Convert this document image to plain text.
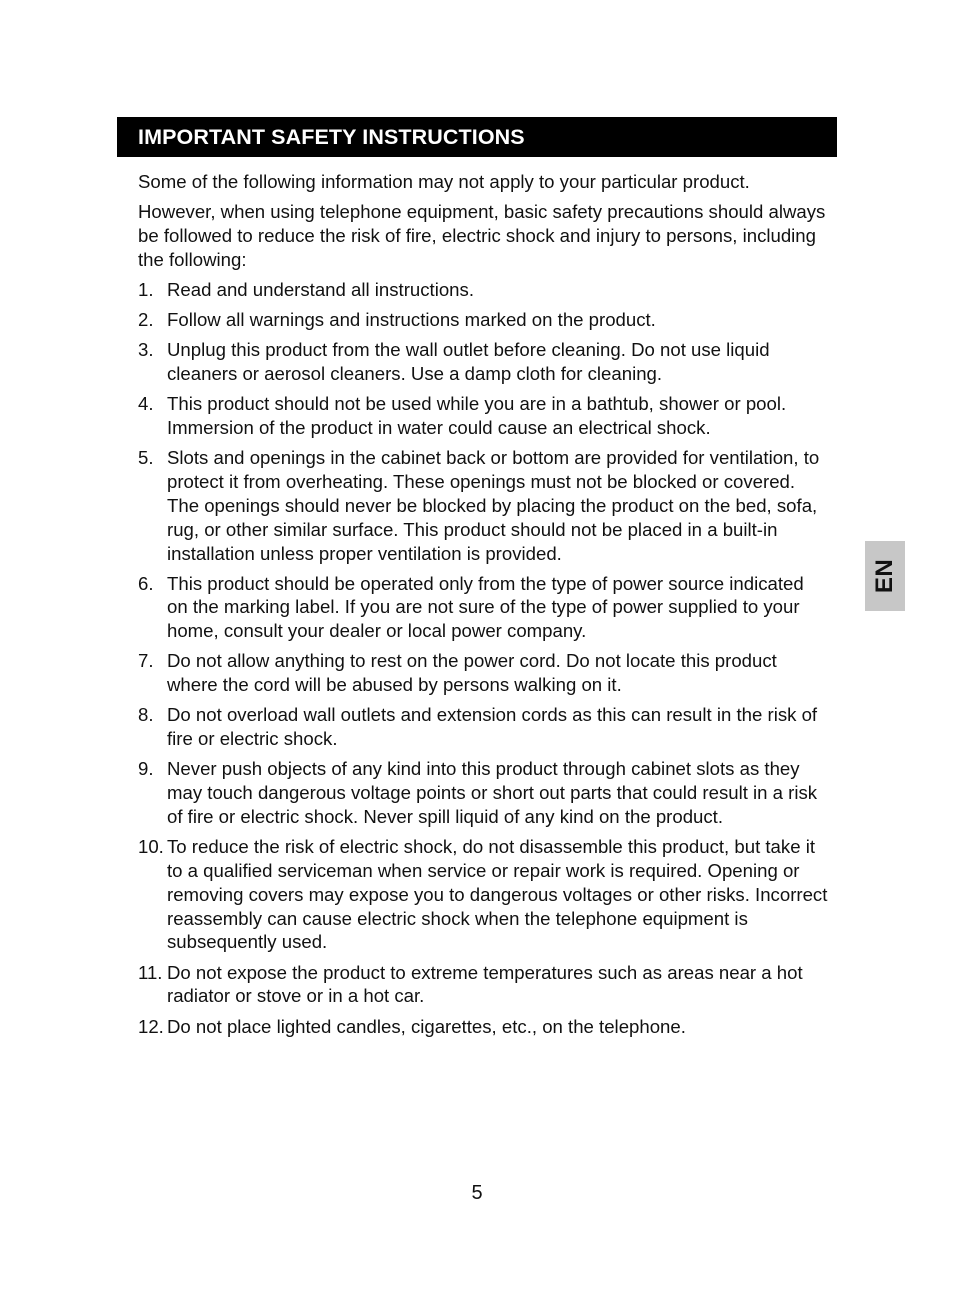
IMPORTANT SAFETY INSTRUCTIONS

Some of the following information may not apply to your particular product.

However, when using telephone equipment, basic safety precautions should always be followed to reduce the risk of fire, electric shock and injury to persons, including the following:

1. Read and understand all instructions.
2. Follow all warnings and instructions marked on the product.
3. Unplug this product from the wall outlet before cleaning. Do not use liquid cleaners or aerosol cleaners. Use a damp cloth for cleaning.
4. This product should not be used while you are in a bathtub, shower or pool. Immersion of the product in water could cause an electrical shock.
5. Slots and openings in the cabinet back or bottom are provided for ventilation, to protect it from overheating. These openings must not be blocked or covered. The openings should never be blocked by placing the product on the bed, sofa, rug, or other similar surface. This product should not be placed in a built-in installation unless proper ventilation is provided.
6. This product should be operated only from the type of power source indicated on the marking label. If you are not sure of the type of power supplied to your home, consult your dealer or local power company.
7. Do not allow anything to rest on the power cord. Do not locate this product where the cord will be abused by persons walking on it.
8. Do not overload wall outlets and extension cords as this can result in the risk of fire or electric shock.
9. Never push objects of any kind into this product through cabinet slots as they may touch dangerous voltage points or short out parts that could result in a risk of fire or electric shock. Never spill liquid of any kind on the product.
10. To reduce the risk of electric shock, do not disassemble this product, but take it to a qualified serviceman when service or repair work is required. Opening or removing covers may expose you to dangerous voltages or other risks. Incorrect reassembly can cause electric shock when the telephone equipment is subsequently used.
11. Do not expose the product to extreme temperatures such as areas near a hot radiator or stove or in a hot car.
12. Do not place lighted candles, cigarettes, etc., on the telephone.
EN
5
